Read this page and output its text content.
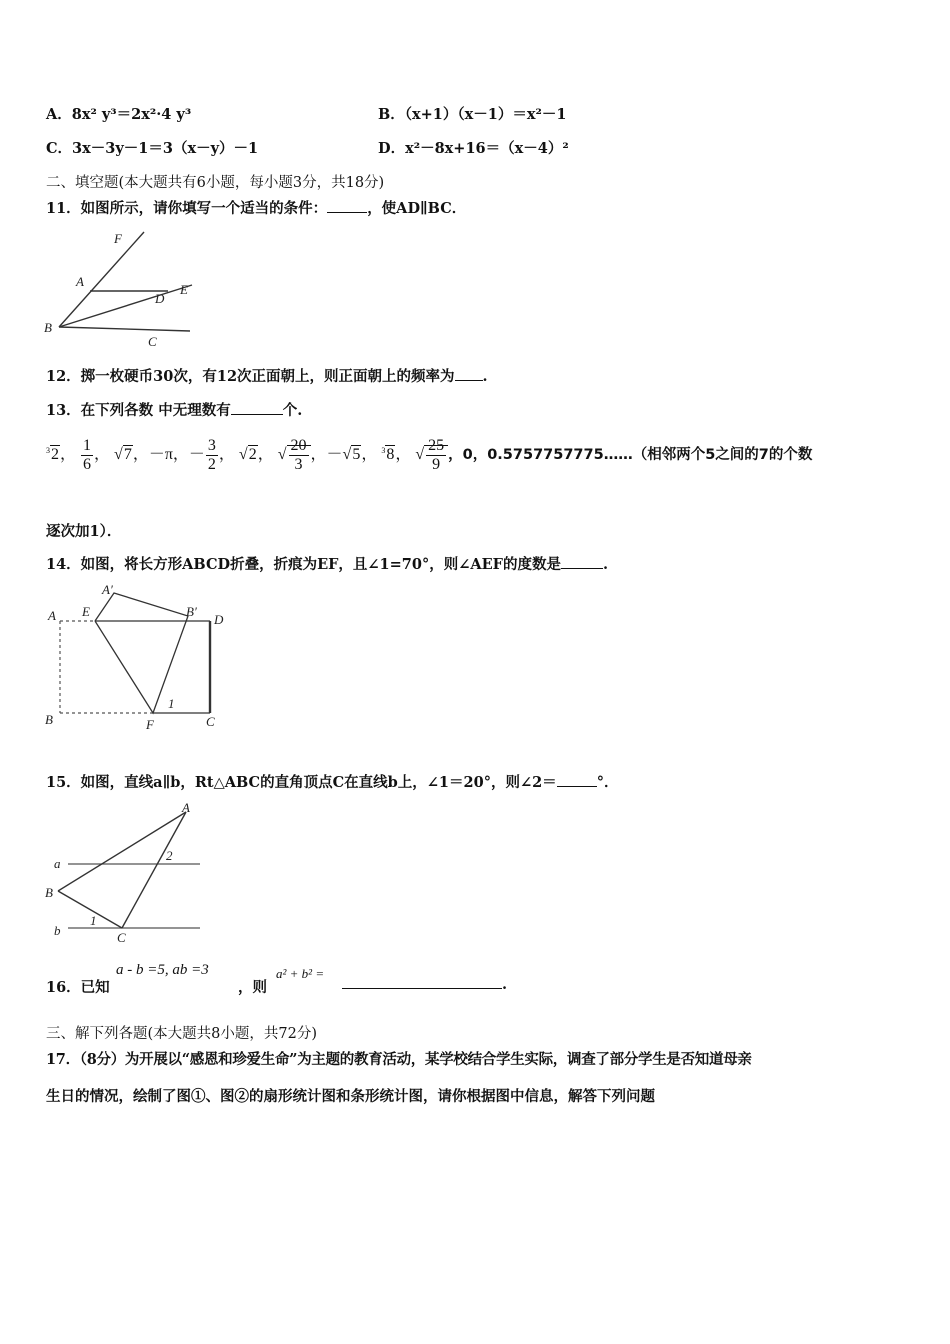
A．8x² y³＝2x²·4 y³	B．（x+1）（x－1）＝x²－1
C．3x－3y－1＝3（x－y）－1	D．x²－8x+16＝（x－4）²
二、填空题(本大题共有6小题，每小题3分，共18分)
11．如图所示，请你填写一个适当的条件：	，使AD∥BC．
F
A
D
E
B
C
12．掷一枚硬币30次，有12次正面朝上，则正面朝上的频率为 .
13．在下列各数 中无理数有	个.
$^3$2， $\frac{1}{6}$ ， √7，－π，－ $\frac{3}{2}$ ， √2， √ $\frac{20}{3}$ ，－√5， $^3$8， √ $\frac{25}{9}$ ，0，0.5757757775……（相邻两个5之间的7的个数
逐次加1）．
14．如图，将长方形ABCD折叠，折痕为EF，且∠1=70°，则∠AEF的度数是	.
A E
A′
B′
D
B	F	C
1
15．如图，直线a∥b，Rt△ABC的直角顶点C在直线b上，∠1＝20°，则∠2＝	°．
A
a
2
B
1
b	C
16．已知
a - b =5, ab =3
，则
a² + b² =
.
三、解下列各题(本大题共8小题，共72分)
17．（8分）为开展以“感恩和珍爱生命”为主题的教育活动，某学校结合学生实际，调查了部分学生是否知道母亲
生日的情况，绘制了图①、图②的扇形统计图和条形统计图，请你根据图中信息，解答下列问题
